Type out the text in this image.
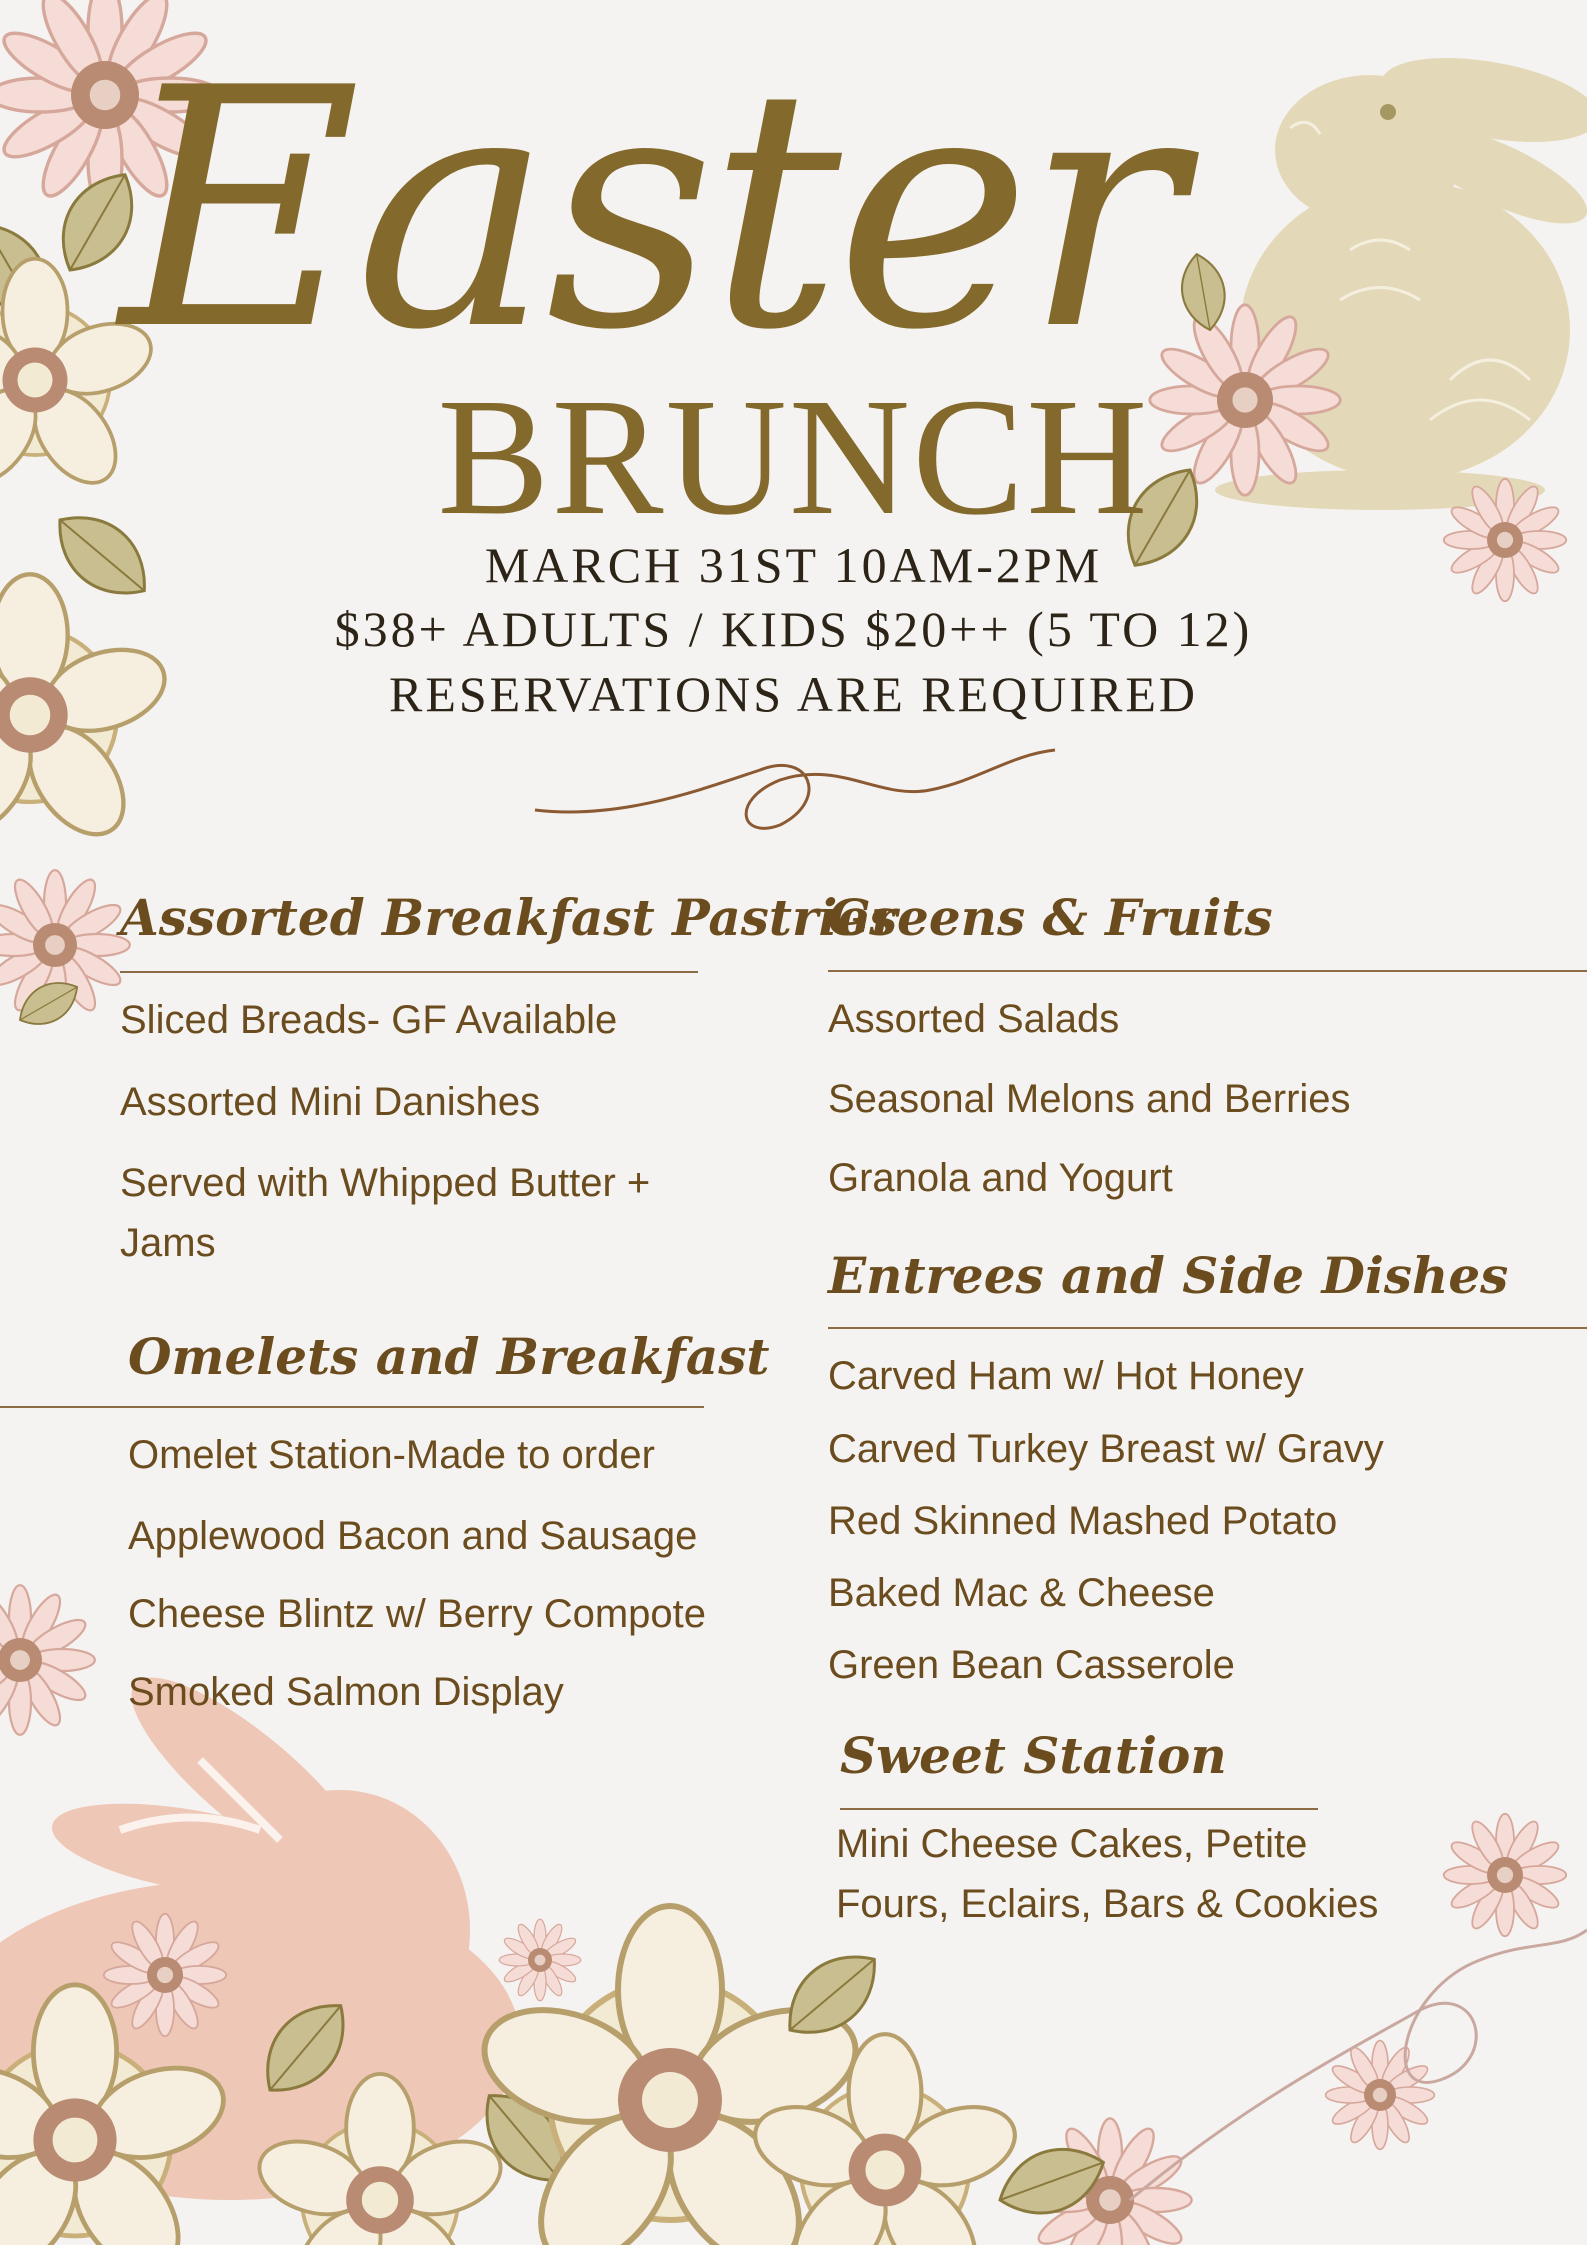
Easter
BRUNCH
MARCH 31ST 10AM-2PM
$38+ ADULTS / KIDS $20++ (5 TO 12)
RESERVATIONS ARE REQUIRED
Assorted Breakfast Pastries
Sliced Breads- GF Available
Assorted Mini Danishes
Served with Whipped Butter +
Jams
Omelets and Breakfast
Omelet Station-Made to order
Applewood Bacon and Sausage
Cheese Blintz w/ Berry Compote
Smoked Salmon Display
Greens & Fruits
Assorted Salads
Seasonal Melons and Berries
Granola and Yogurt
Entrees and Side Dishes
Carved Ham w/ Hot Honey
Carved Turkey Breast w/ Gravy
Red Skinned Mashed Potato
Baked Mac & Cheese
Green Bean Casserole
Sweet Station
Mini Cheese Cakes, Petite
Fours, Eclairs, Bars & Cookies
